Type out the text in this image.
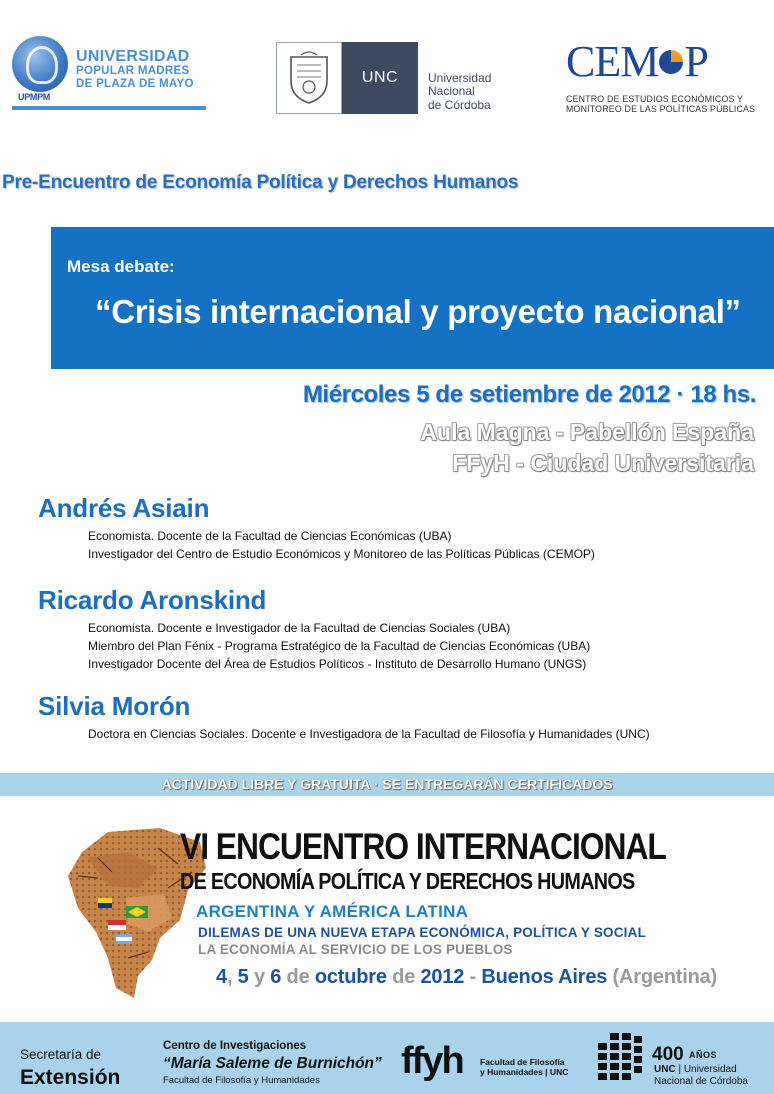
UPMPM
UNIVERSIDAD
POPULAR MADRES
DE PLAZA DE MAYO	UNC	Universidad
Nacional
de Córdoba
CEM P
CENTRO DE ESTUDIOS ECONÓMICOS Y
MONITOREO DE LAS POLÍTICAS PÚBLICAS
Pre-Encuentro de Economía Política y Derechos Humanos
Mesa debate:
“Crisis internacional y proyecto nacional”
Miércoles 5 de setiembre de 2012 · 18 hs.
Aula Magna - Pabellón España
FFyH - Ciudad Universitaria
Andrés Asiain
Economista. Docente de la Facultad de Ciencias Económicas (UBA)
Investigador del Centro de Estudio Económicos y Monitoreo de las Políticas Públicas (CEMOP)
Ricardo Aronskind
Economista. Docente e Investigador de la Facultad de Ciencias Sociales (UBA)
Miembro del Plan Fénix - Programa Estratégico de la Facultad de Ciencias Económicas (UBA)
Investigador Docente del Área de Estudios Políticos - Instituto de Desarrollo Humano (UNGS)
Silvia Morón
Doctora en Ciencias Sociales. Docente e Investigadora de la Facultad de Filosofía y Humanidades (UNC)
ACTIVIDAD LIBRE Y GRATUITA · SE ENTREGARÁN CERTIFICADOS
VI ENCUENTRO INTERNACIONAL
DE ECONOMÍA POLÍTICA Y DERECHOS HUMANOS
ARGENTINA Y AMÉRICA LATINA
DILEMAS DE UNA NUEVA ETAPA ECONÓMICA, POLÍTICA Y SOCIAL
LA ECONOMÍA AL SERVICIO DE LOS PUEBLOS
4, 5 y 6 de octubre de 2012 - Buenos Aires (Argentina)
Secretaría de
Extensión
Centro de Investigaciones
“María Saleme de Burnichón”
Facultad de Filosofía y Humanidades ffyh Facultad de Filosofía
y Humanidades | UNC
400 AÑOS
UNC | Universidad
Nacional de Córdoba
